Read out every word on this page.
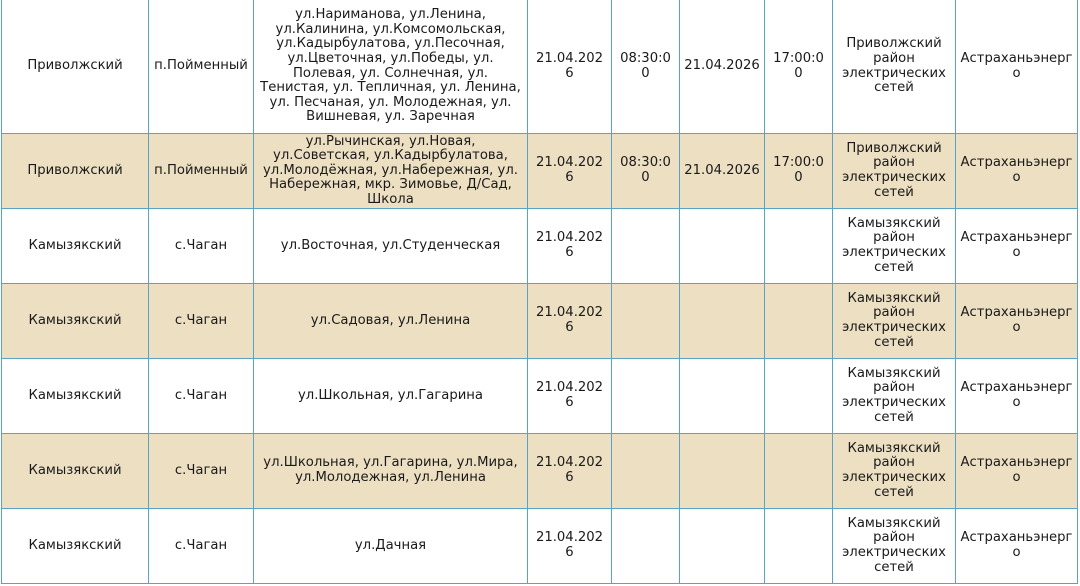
Приволжский	п.Пойменный	ул.Нариманова, ул.Ленина, ул.Калинина, ул.Комсомольская, ул.Кадырбулатова, ул.Песочная, ул.Цветочная, ул.Победы, ул. Полевая, ул. Солнечная, ул. Тенистая, ул. Тепличная, ул. Ленина, ул. Песчаная, ул. Молодежная, ул. Вишневая, ул. Заречная	21.04.2026	08:30:00	21.04.2026	17:00:00	Приволжский район электрических сетей	Астраханьэнерго
Приволжский	п.Пойменный	ул.Рычинская, ул.Новая, ул.Советская, ул.Кадырбулатова, ул.Молодёжная, ул.Набережная, ул. Набережная, мкр. Зимовье, Д/Сад, Школа	21.04.2026	08:30:00	21.04.2026	17:00:00	Приволжский район электрических сетей	Астраханьэнерго
Камызякский	с.Чаган	ул.Восточная, ул.Студенческая	21.04.2026				Камызякский район электрических сетей	Астраханьэнерго
Камызякский	с.Чаган	ул.Садовая, ул.Ленина	21.04.2026				Камызякский район электрических сетей	Астраханьэнерго
Камызякский	с.Чаган	ул.Школьная, ул.Гагарина	21.04.2026				Камызякский район электрических сетей	Астраханьэнерго
Камызякский	с.Чаган	ул.Школьная, ул.Гагарина, ул.Мира, ул.Молодежная, ул.Ленина	21.04.2026				Камызякский район электрических сетей	Астраханьэнерго
Камызякский	с.Чаган	ул.Дачная	21.04.2026				Камызякский район электрических сетей	Астраханьэнерго
